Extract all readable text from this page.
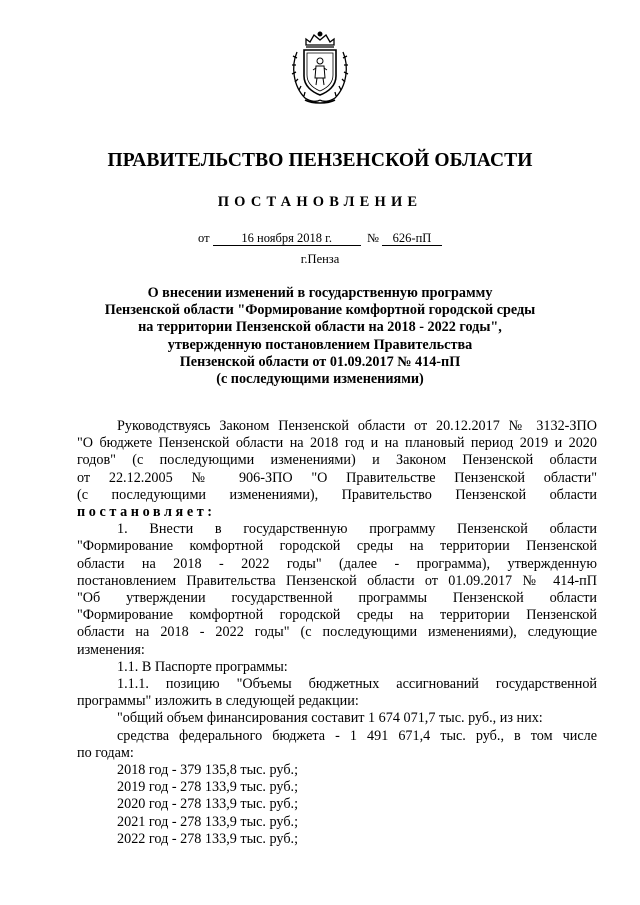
ПРАВИТЕЛЬСТВО ПЕНЗЕНСКОЙ ОБЛАСТИ
ПОСТАНОВЛЕНИЕ
от	16 ноября 2018 г.	№ 626-пП
г.Пенза
О внесении изменений в государственную программу
Пензенской области "Формирование комфортной городской среды
на территории Пензенской области на 2018 - 2022 годы",
утвержденную постановлением Правительства
Пензенской области от 01.09.2017 № 414-пП
(с последующими изменениями)

Руководствуясь Законом Пензенской области от 20.12.2017 № 3132-ЗПО

"О бюджете Пензенской области на 2018 год и на плановый период 2019 и 2020

годов" (с последующими изменениями) и Законом Пензенской области

от 22.12.2005 № 906-ЗПО "О Правительстве Пензенской области"

(с последующими изменениями), Правительство Пензенской области

постановляет:

1. Внести в государственную программу Пензенской области

"Формирование комфортной городской среды на территории Пензенской

области на 2018 - 2022 годы" (далее - программа), утвержденную

постановлением Правительства Пензенской области от 01.09.2017 № 414-пП

"Об утверждении государственной программы Пензенской области

"Формирование комфортной городской среды на территории Пензенской

области на 2018 - 2022 годы" (с последующими изменениями), следующие

изменения:

1.1. В Паспорте программы:

1.1.1. позицию "Объемы бюджетных ассигнований государственной

программы" изложить в следующей редакции:

"общий объем финансирования составит 1 674 071,7 тыс. руб., из них:

средства федерального бюджета - 1 491 671,4 тыс. руб., в том числе

по годам:

2018 год - 379 135,8 тыс. руб.;

2019 год - 278 133,9 тыс. руб.;

2020 год - 278 133,9 тыс. руб.;

2021 год - 278 133,9 тыс. руб.;

2022 год - 278 133,9 тыс. руб.;
